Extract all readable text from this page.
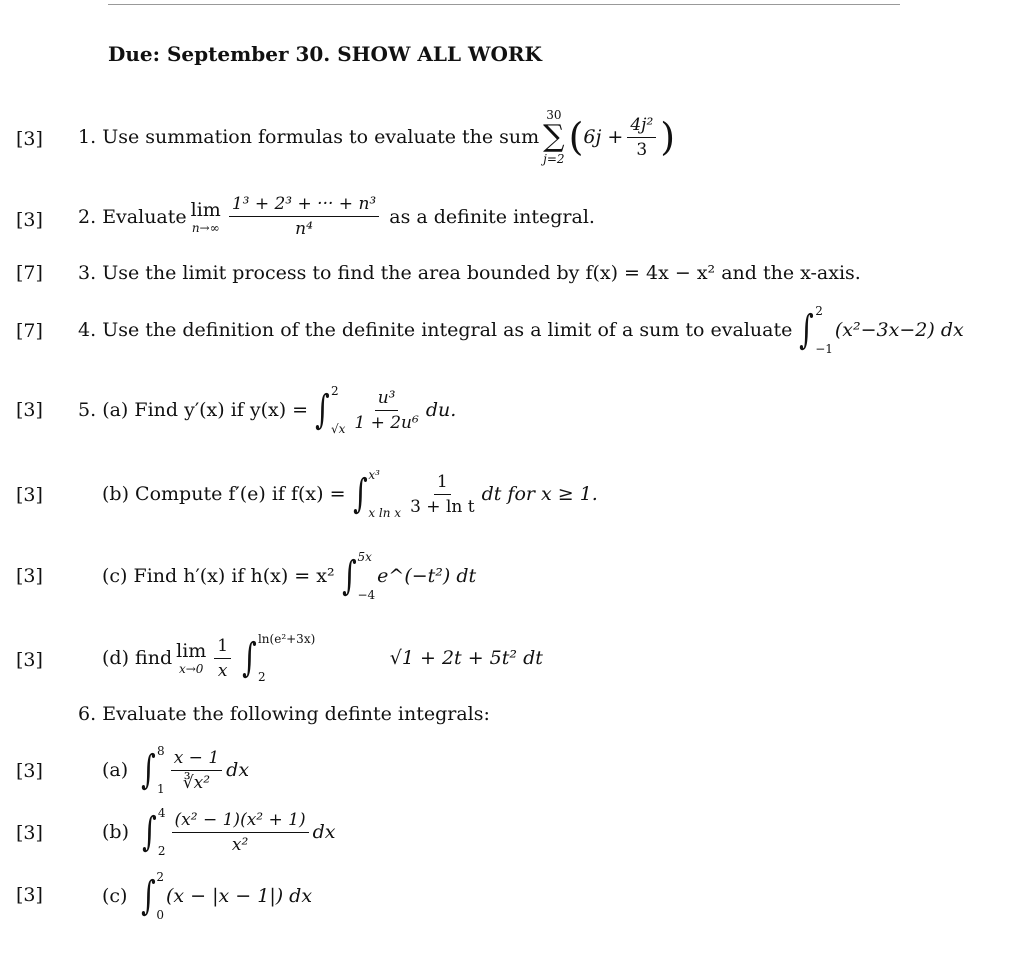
Due: September 30. SHOW ALL WORK
[3]
[3]
[7]
[7]
[3]
[3]
[3]
[3]
[3]
[3]
[3]
1.
Use summation formulas to evaluate the sum
30
∑
j=2 ( $6j + \frac{\text{4j²}}{3}$ )
2.
Evaluate lim
$n\to\infty \frac{\text{1³ + 2³ + ··· + n³}}{\text{n⁴}}$
as a definite integral.
3.
Use the limit process to find the area bounded by f(x) = 4x − x² and the x-axis.
4.
Use the definition of the definite integral as a limit of a sum to evaluate ∫ 2
−1
(x²−3x−2) dx
5.
(a)
Find y′(x) if y(x) = ∫ 2
$√x \frac{\text{u³}}{\text{1 + 2u⁶}}$ du.
(b)
Compute f′(e) if f(x) = ∫ x³
x ln x $\frac{1}{\text{3 + ln t}}$ dt for x ≥ 1.
(c)
Find h′(x) if h(x) = x² ∫ 5x
−4
e^(−t²) dt
(d)
find lim
$x\to 0 \frac{1}{x}$ ∫ ln(e²+3x)
2

√1 + 2t + 5t² dt
6.
Evaluate the following definte integrals:
(a)
∫ 8
$1 \frac{x - 1}{\text{∛x²}}$ dx
(b)
∫ 4
$2 \frac{\text{(x² − 1)(x² + 1)}}{\text{x²}}$ dx
(c)
∫ 2
0
(x − |x − 1|) dx
